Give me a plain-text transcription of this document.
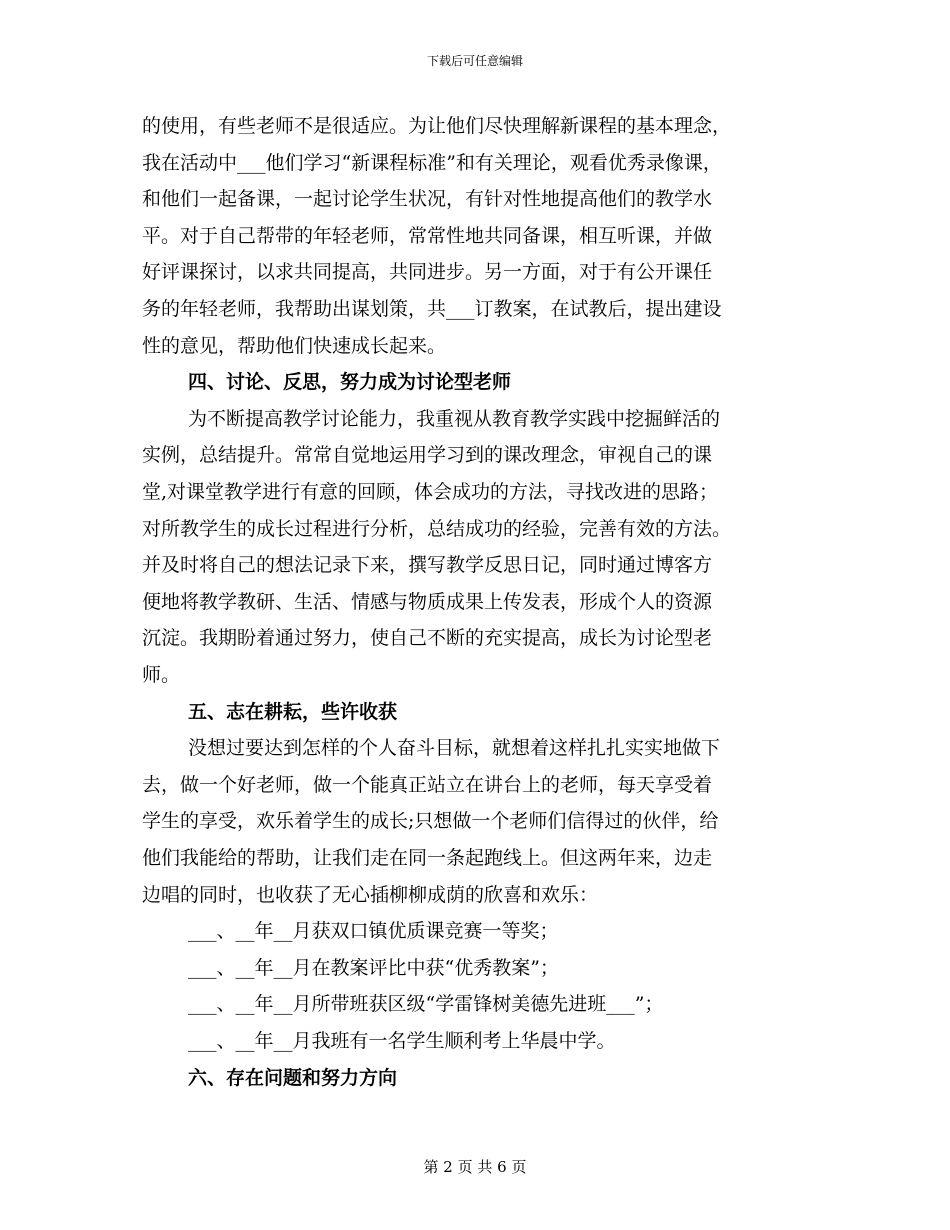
下载后可任意编辑
的使用，有些老师不是很适应。为让他们尽快理解新课程的基本理念，
我在活动中___他们学习“新课程标准”和有关理论，观看优秀录像课，
和他们一起备课，一起讨论学生状况，有针对性地提高他们的教学水
平。对于自己帮带的年轻老师，常常性地共同备课，相互听课，并做
好评课探讨，以求共同提高，共同进步。另一方面，对于有公开课任
务的年轻老师，我帮助出谋划策，共___订教案，在试教后，提出建设
性的意见，帮助他们快速成长起来。
四、讨论、反思，努力成为讨论型老师
为不断提高教学讨论能力，我重视从教育教学实践中挖掘鲜活的
实例，总结提升。常常自觉地运用学习到的课改理念，审视自己的课
堂,对课堂教学进行有意的回顾，体会成功的方法，寻找改进的思路；
对所教学生的成长过程进行分析，总结成功的经验，完善有效的方法。
并及时将自己的想法记录下来，撰写教学反思日记，同时通过博客方
便地将教学教研、生活、情感与物质成果上传发表，形成个人的资源
沉淀。我期盼着通过努力，使自己不断的充实提高，成长为讨论型老
师。
五、志在耕耘，些许收获
没想过要达到怎样的个人奋斗目标，就想着这样扎扎实实地做下
去，做一个好老师，做一个能真正站立在讲台上的老师，每天享受着
学生的享受，欢乐着学生的成长;只想做一个老师们信得过的伙伴，给
他们我能给的帮助，让我们走在同一条起跑线上。但这两年来，边走
边唱的同时，也收获了无心插柳柳成荫的欣喜和欢乐：
___、__年__月获双口镇优质课竞赛一等奖；
___、__年__月在教案评比中获“优秀教案”；
___、__年__月所带班获区级“学雷锋树美德先进班___”；
___、__年__月我班有一名学生顺利考上华晨中学。
六、存在问题和努力方向
第 2 页 共 6 页
